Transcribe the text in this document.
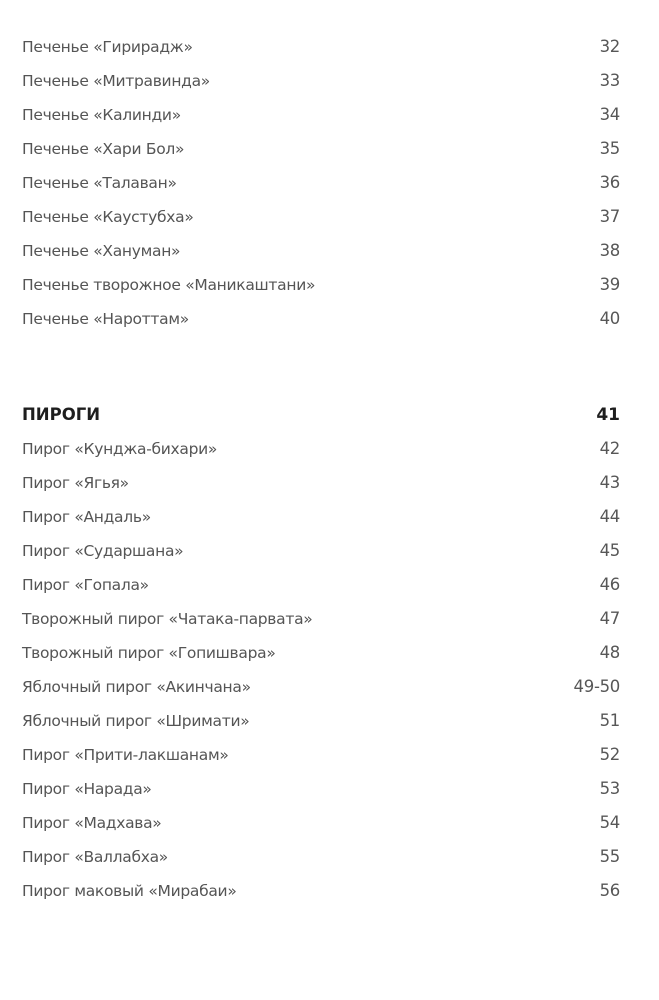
Печенье «Гирирадж»	32
Печенье «Митравинда»	33
Печенье «Калинди»	34
Печенье «Хари Бол»	35
Печенье «Талаван»	36
Печенье «Каустубха»	37
Печенье «Хануман»	38
Печенье творожное «Маникаштани»	39
Печенье «Нароттам»	40
ПИРОГИ	41
Пирог «Кунджа-бихари»	42
Пирог «Ягья»	43
Пирог «Андаль»	44
Пирог «Сударшана»	45
Пирог «Гопала»	46
Творожный пирог «Чатака-парвата»	47
Творожный пирог «Гопишвара»	48
Яблочный пирог «Акинчана»	49-50
Яблочный пирог «Шримати»	51
Пирог «Прити-лакшанам»	52
Пирог «Нарада»	53
Пирог «Мадхава»	54
Пирог «Валлабха»	55
Пирог маковый «Мирабаи»	56
